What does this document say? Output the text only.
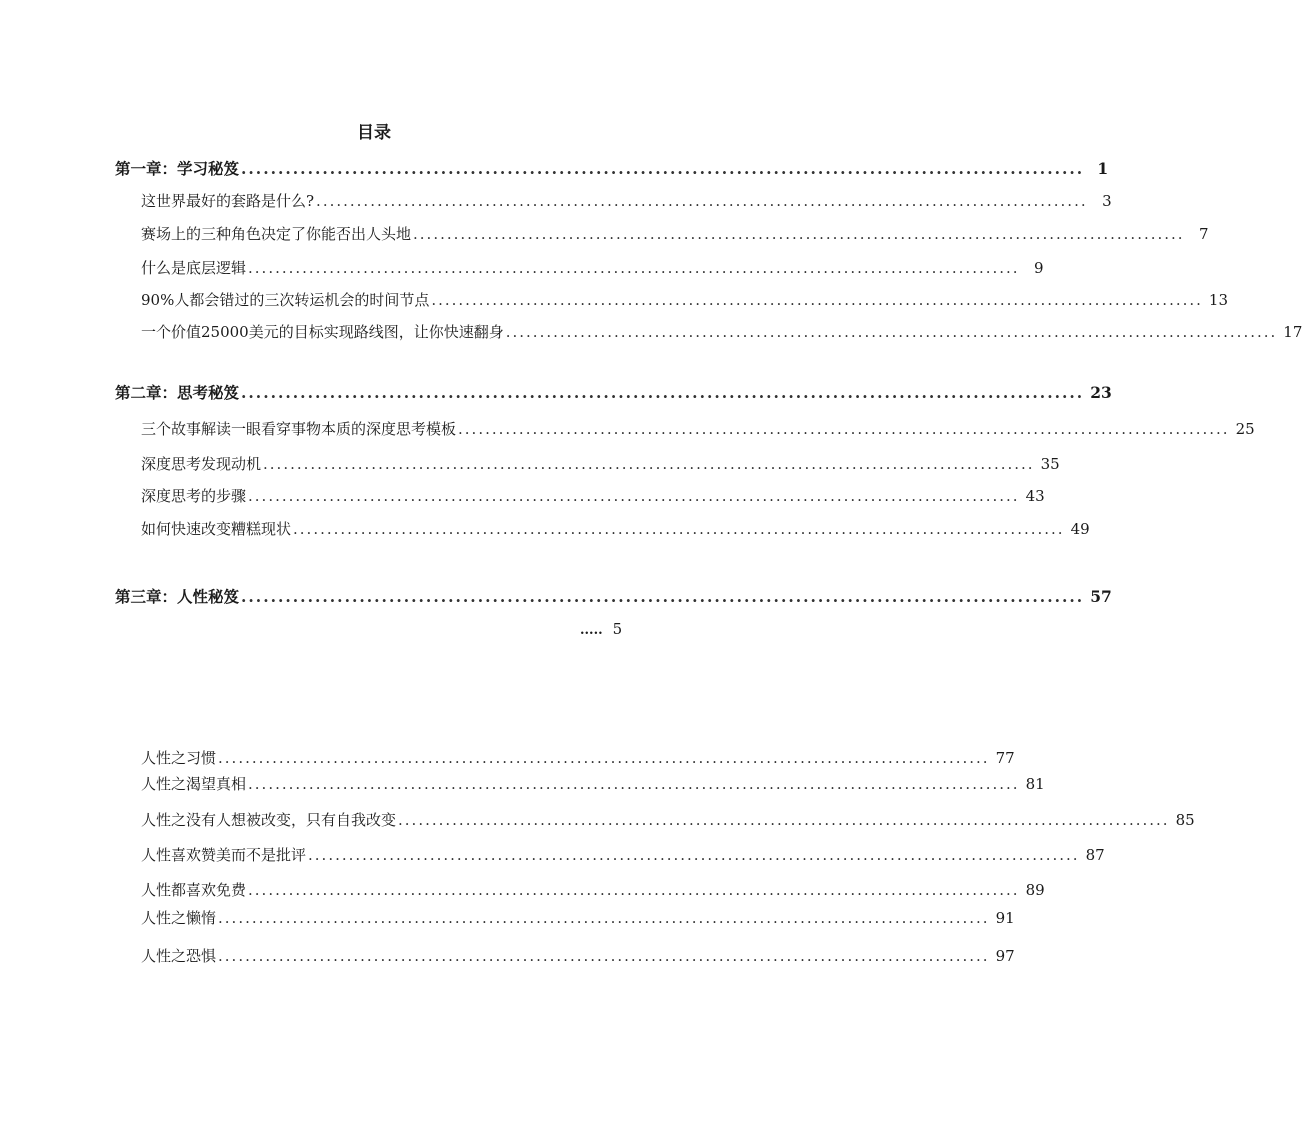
目录
第一章：学习秘笈 .................................................................................................................. 1
这世界最好的套路是什么? .................................................................................................................. 3
赛场上的三种角色决定了你能否出人头地 .................................................................................................................. 7
什么是底层逻辑 .................................................................................................................. 9
90%人都会错过的三次转运机会的时间节点 .................................................................................................................. 13
一个价值25000美元的目标实现路线图，让你快速翻身 .................................................................................................................. 17
第二章：思考秘笈 .................................................................................................................. 23
三个故事解读一眼看穿事物本质的深度思考模板 .................................................................................................................. 25
深度思考发现动机 .................................................................................................................. 35
深度思考的步骤 .................................................................................................................. 43
如何快速改变糟糕现状 .................................................................................................................. 49
第三章：人性秘笈 .................................................................................................................. 57
..... 5
人性之习惯 .................................................................................................................. 77
人性之渴望真相 .................................................................................................................. 81
人性之没有人想被改变，只有自我改变 .................................................................................................................. 85
人性喜欢赞美而不是批评 .................................................................................................................. 87
人性都喜欢免费 .................................................................................................................. 89
人性之懒惰 .................................................................................................................. 91
人性之恐惧 .................................................................................................................. 97
